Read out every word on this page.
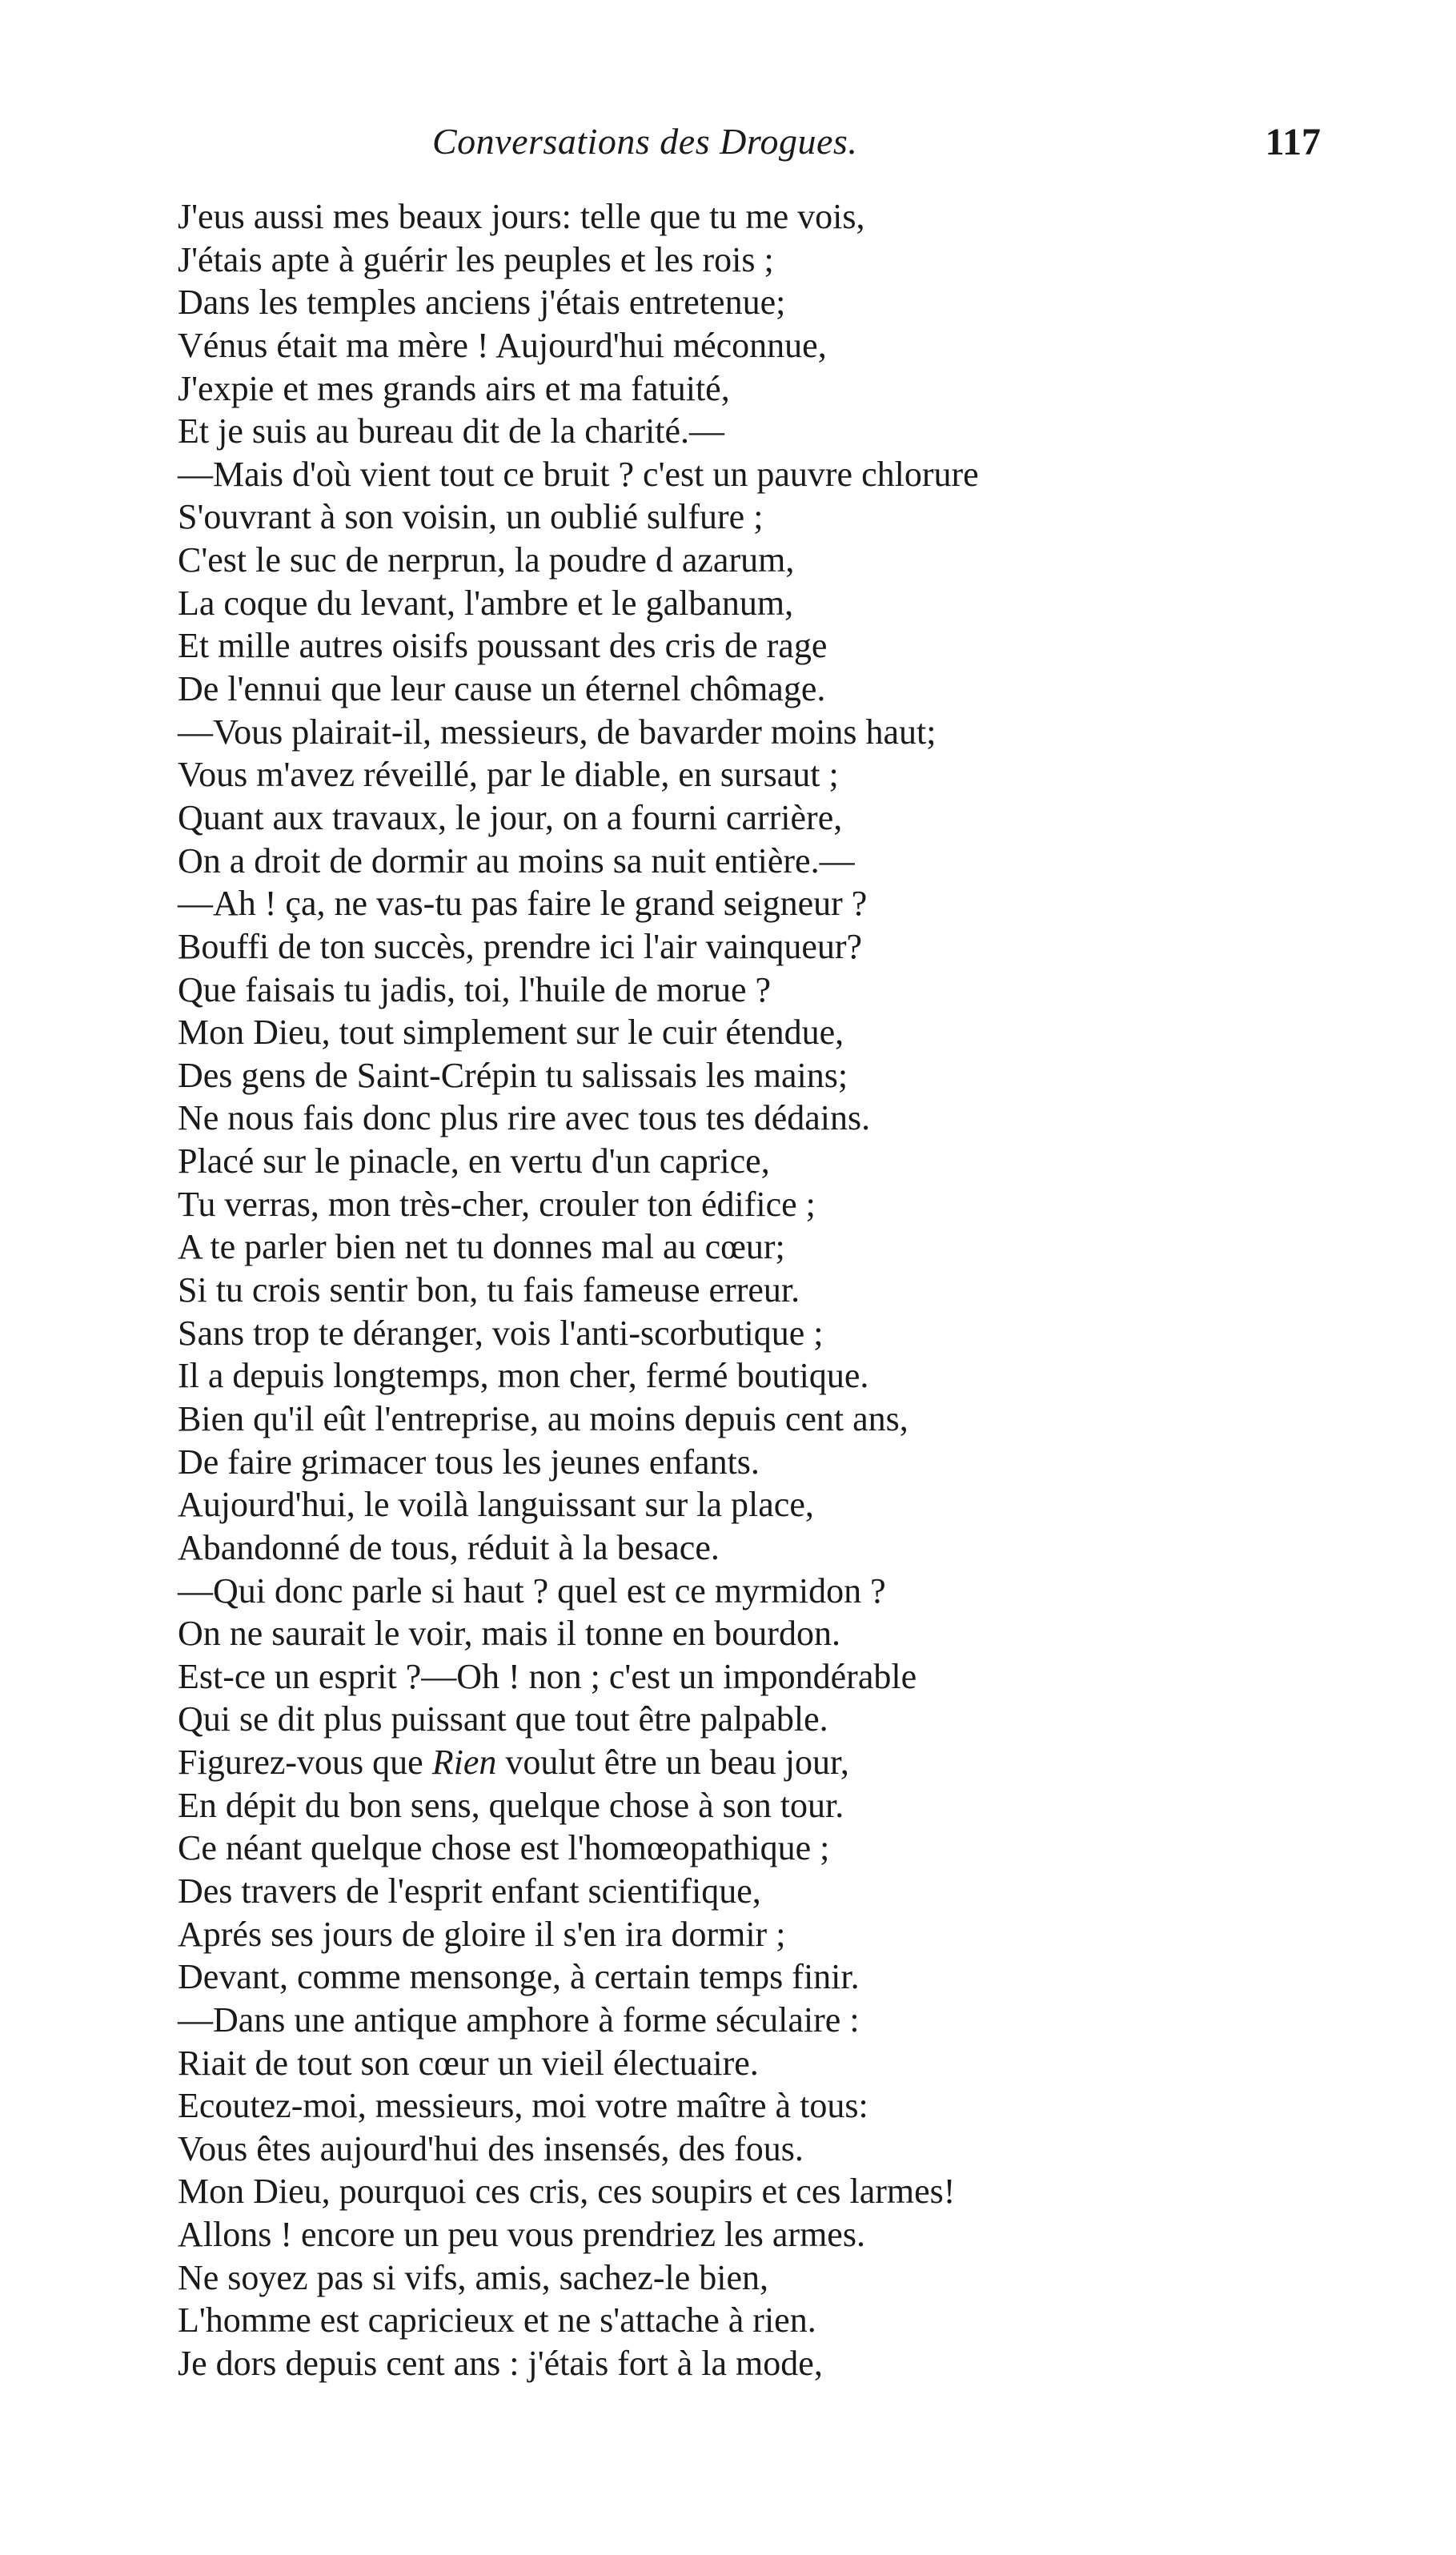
Conversations des Drogues.	117
J'eus aussi mes beaux jours: telle que tu me vois,
J'étais apte à guérir les peuples et les rois ;
Dans les temples anciens j'étais entretenue;
Vénus était ma mère ! Aujourd'hui méconnue,
J'expie et mes grands airs et ma fatuité,
Et je suis au bureau dit de la charité.—
—Mais d'où vient tout ce bruit ? c'est un pauvre chlorure
S'ouvrant à son voisin, un oublié sulfure ;
C'est le suc de nerprun, la poudre d azarum,
La coque du levant, l'ambre et le galbanum,
Et mille autres oisifs poussant des cris de rage
De l'ennui que leur cause un éternel chômage.
—Vous plairait-il, messieurs, de bavarder moins haut;
Vous m'avez réveillé, par le diable, en sursaut ;
Quant aux travaux, le jour, on a fourni carrière,
On a droit de dormir au moins sa nuit entière.—
—Ah ! ça, ne vas-tu pas faire le grand seigneur ?
Bouffi de ton succès, prendre ici l'air vainqueur?
Que faisais tu jadis, toi, l'huile de morue ?
Mon Dieu, tout simplement sur le cuir étendue,
Des gens de Saint-Crépin tu salissais les mains;
Ne nous fais donc plus rire avec tous tes dédains.
Placé sur le pinacle, en vertu d'un caprice,
Tu verras, mon très-cher, crouler ton édifice ;
A te parler bien net tu donnes mal au cœur;
Si tu crois sentir bon, tu fais fameuse erreur.
Sans trop te déranger, vois l'anti-scorbutique ;
Il a depuis longtemps, mon cher, fermé boutique.
Bien qu'il eût l'entreprise, au moins depuis cent ans,
De faire grimacer tous les jeunes enfants.
Aujourd'hui, le voilà languissant sur la place,
Abandonné de tous, réduit à la besace.
—Qui donc parle si haut ? quel est ce myrmidon ?
On ne saurait le voir, mais il tonne en bourdon.
Est-ce un esprit ?—Oh ! non ; c'est un impondérable
Qui se dit plus puissant que tout être palpable.
Figurez-vous que Rien voulut être un beau jour,
En dépit du bon sens, quelque chose à son tour.
Ce néant quelque chose est l'homœopathique ;
Des travers de l'esprit enfant scientifique,
Aprés ses jours de gloire il s'en ira dormir ;
Devant, comme mensonge, à certain temps finir.
—Dans une antique amphore à forme séculaire :
Riait de tout son cœur un vieil électuaire.
Ecoutez-moi, messieurs, moi votre maître à tous:
Vous êtes aujourd'hui des insensés, des fous.
Mon Dieu, pourquoi ces cris, ces soupirs et ces larmes!
Allons ! encore un peu vous prendriez les armes.
Ne soyez pas si vifs, amis, sachez-le bien,
L'homme est capricieux et ne s'attache à rien.
Je dors depuis cent ans : j'étais fort à la mode,
